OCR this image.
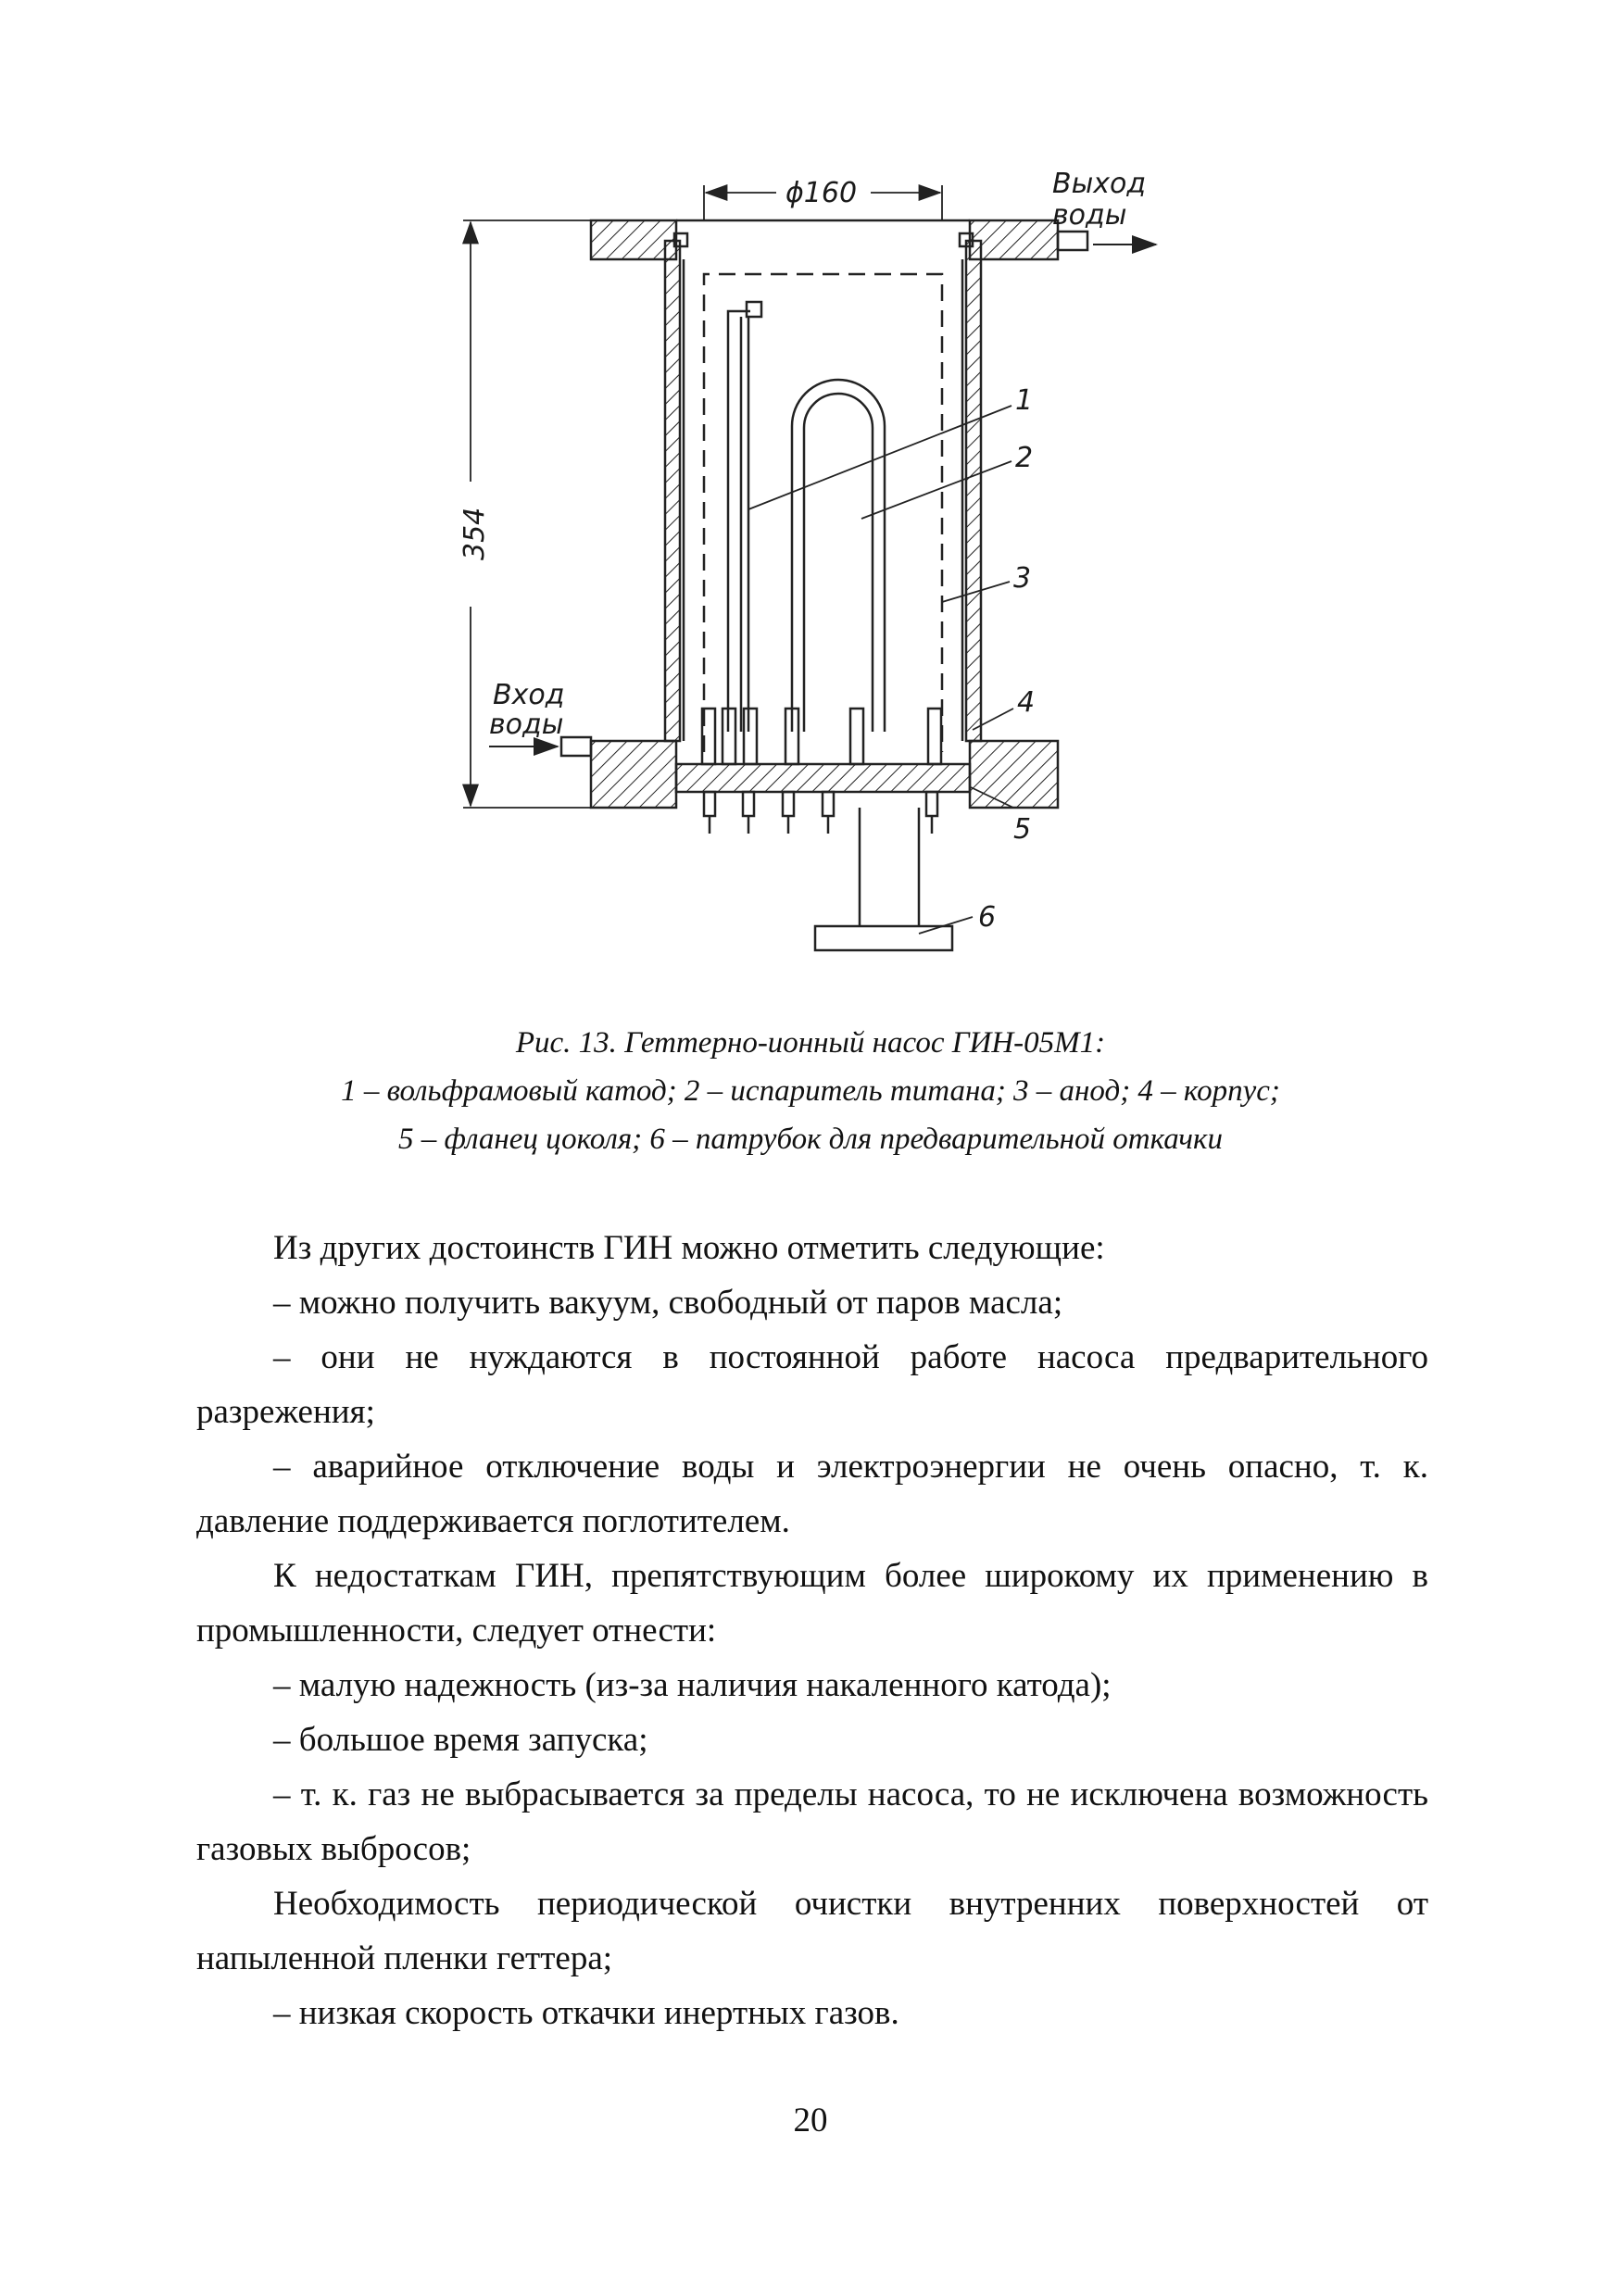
ϕ160
354
Выход
воды
Вход
воды
1
2
3
4
5
6
Рис. 13. Геттерно-ионный насос ГИН-05М1:
1 – вольфрамовый катод; 2 – испаритель титана; 3 – анод; 4 – корпус;
5 – фланец цоколя; 6 – патрубок для предварительной откачки

Из других достоинств ГИН можно отметить следующие:

– можно получить вакуум, свободный от паров масла;

– они не нуждаются в постоянной работе насоса предварительного разрежения;

– аварийное отключение воды и электроэнергии не очень опасно, т. к. давление поддерживается поглотителем.

К недостаткам ГИН, препятствующим более широкому их применению в промышленности, следует отнести:

– малую надежность (из-за наличия накаленного катода);

– большое время запуска;

– т. к. газ не выбрасывается за пределы насоса, то не исключена возможность газовых выбросов;

Необходимость периодической очистки внутренних поверхностей от напыленной пленки геттера;

– низкая скорость откачки инертных газов.

20
